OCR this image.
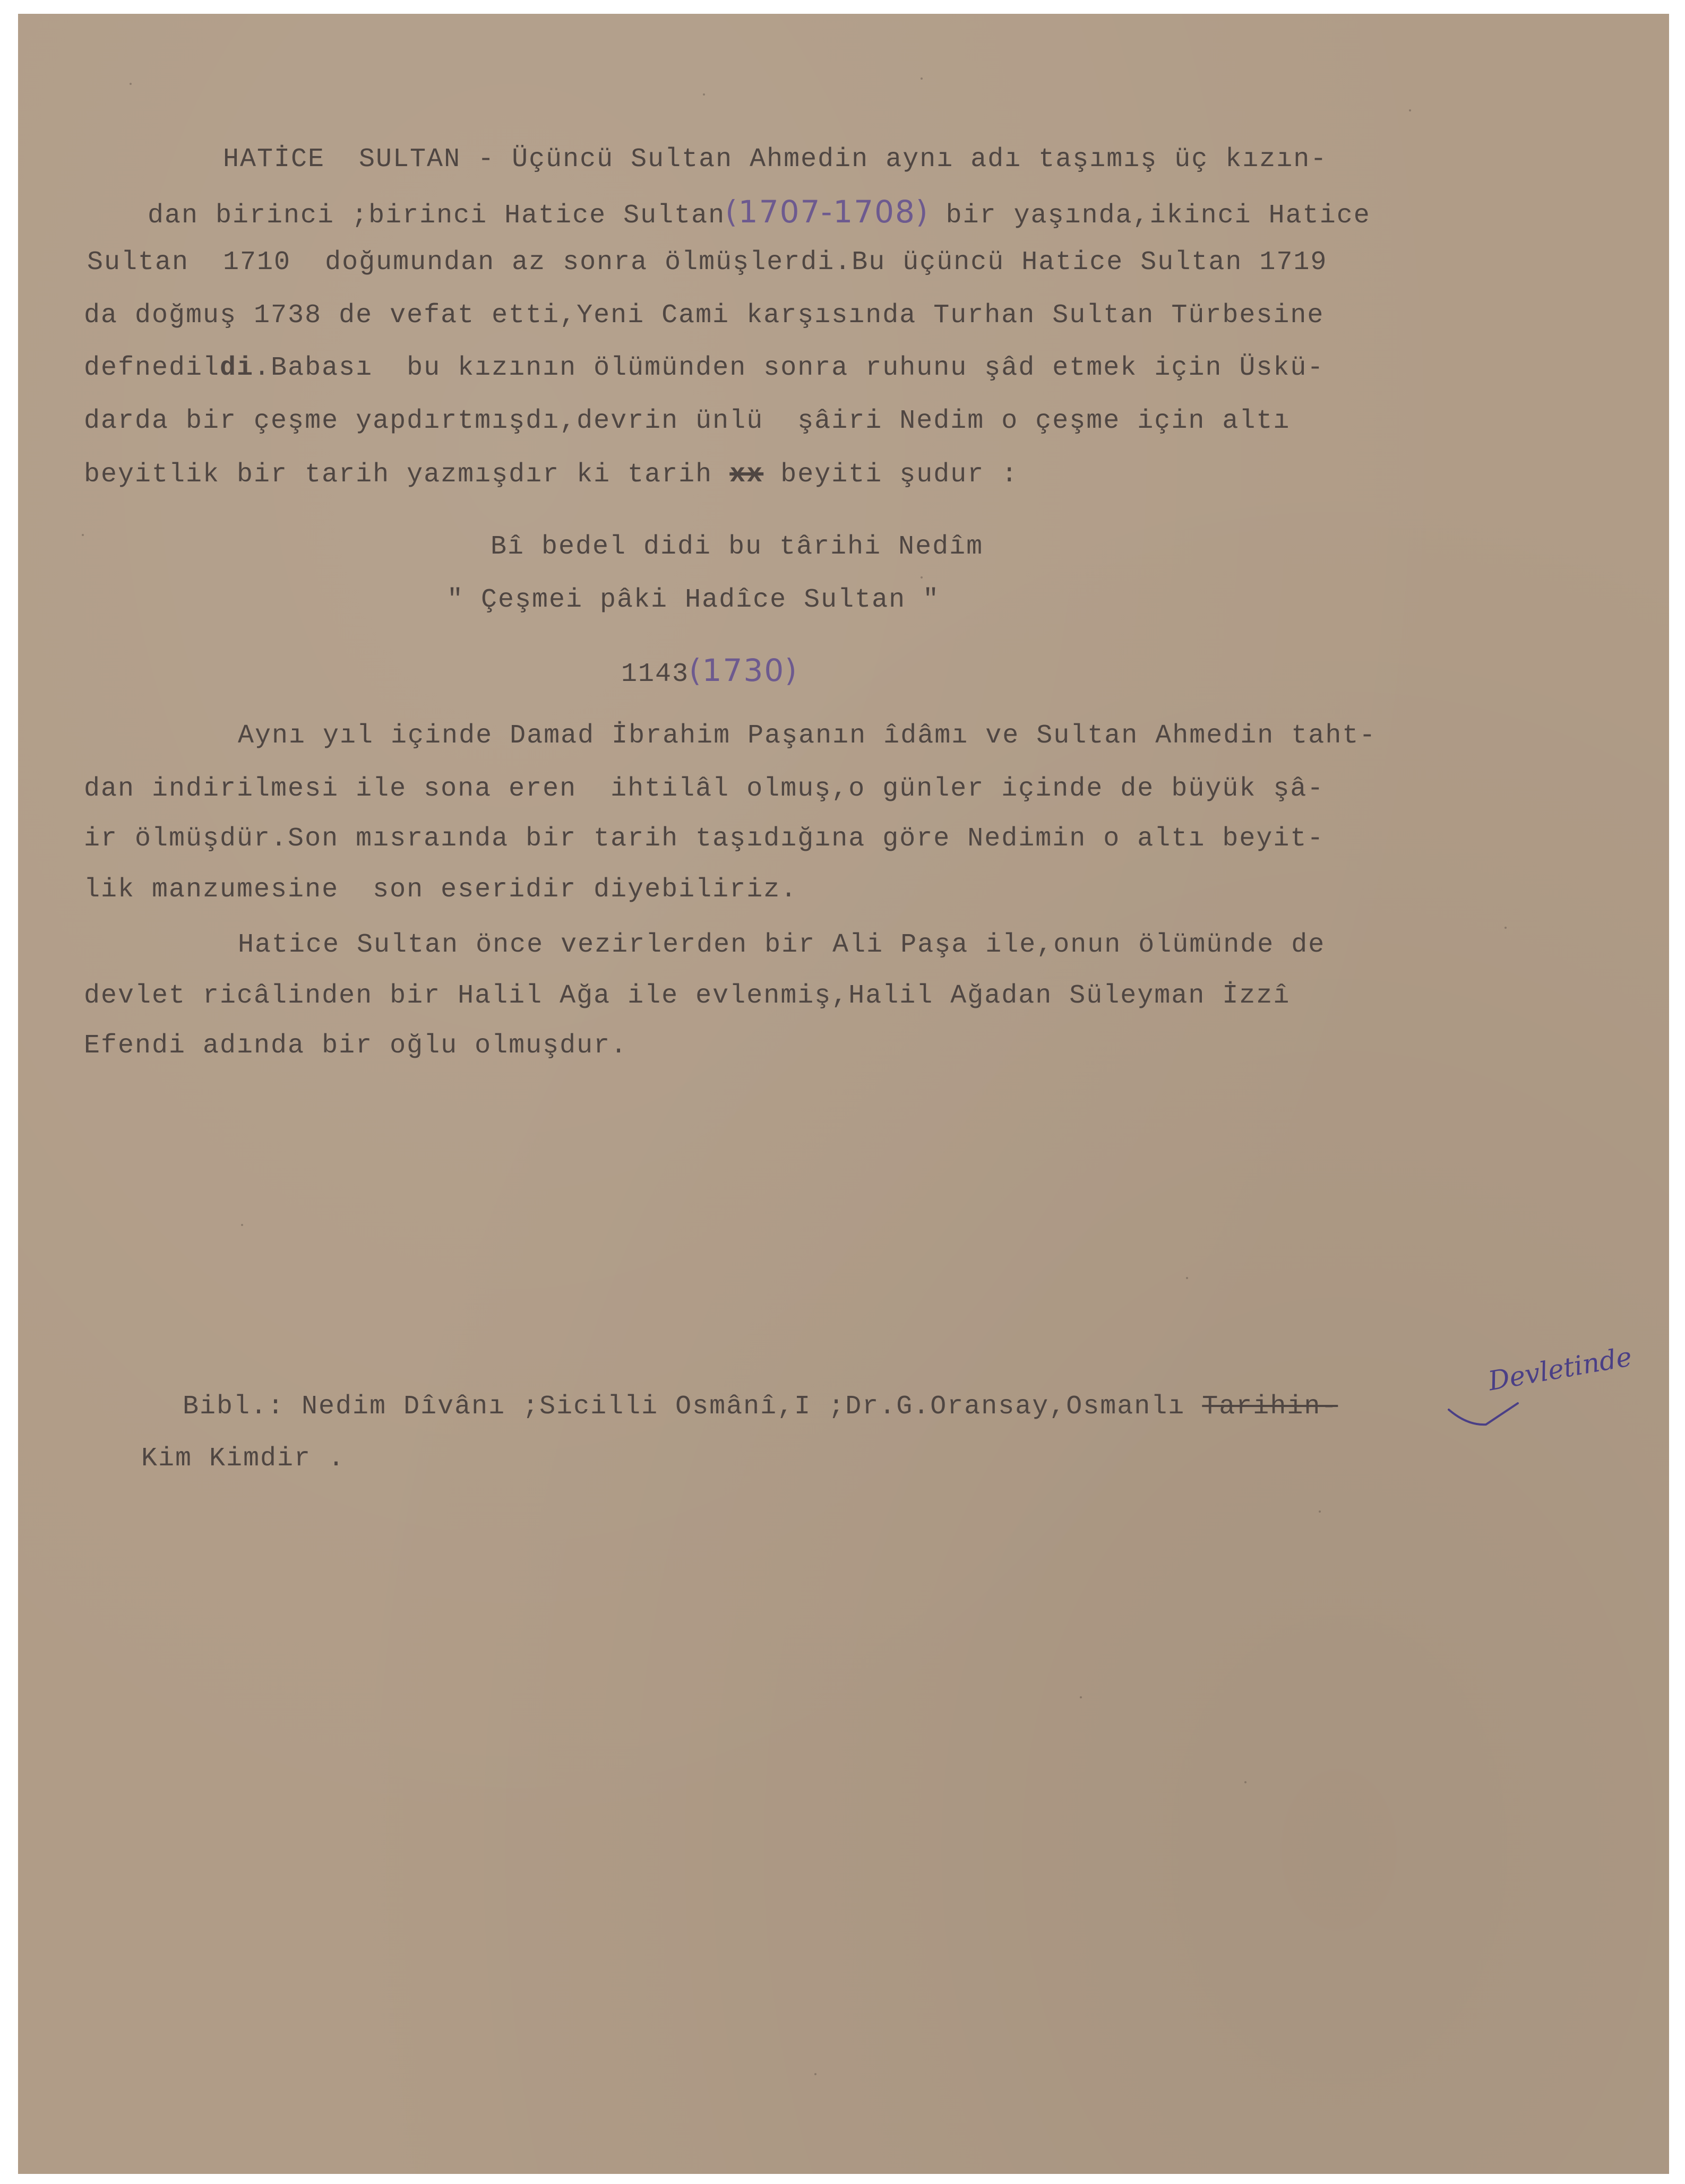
HATİCE  SULTAN - Üçüncü Sultan Ahmedin aynı adı taşımış üç kızın-
dan birinci ;birinci Hatice Sultan(1707-1708) bir yaşında,ikinci Hatice
Sultan  1710  doğumundan az sonra ölmüşlerdi.Bu üçüncü Hatice Sultan 1719
da doğmuş 1738 de vefat etti,Yeni Cami karşısında Turhan Sultan Türbesine
defnedildi.Babası  bu kızının ölümünden sonra ruhunu şâd etmek için Üskü-
darda bir çeşme yapdırtmışdı,devrin ünlü  şâiri Nedim o çeşme için altı
beyitlik bir tarih yazmışdır ki tarih xx beyiti şudur :
Bî bedel didi bu târihi Nedîm
" Çeşmei pâki Hadîce Sultan "
1143(1730)
Aynı yıl içinde Damad İbrahim Paşanın îdâmı ve Sultan Ahmedin taht-
dan indirilmesi ile sona eren  ihtilâl olmuş,o günler içinde de büyük şâ-
ir ölmüşdür.Son mısraında bir tarih taşıdığına göre Nedimin o altı beyit-
lik manzumesine  son eseridir diyebiliriz.
Hatice Sultan önce vezirlerden bir Ali Paşa ile,onun ölümünde de
devlet ricâlinden bir Halil Ağa ile evlenmiş,Halil Ağadan Süleyman İzzî
Efendi adında bir oğlu olmuşdur.
Bibl.: Nedim Dîvânı ;Sicilli Osmânî,I ;Dr.G.Oransay,Osmanlı Tarihin-
Devletinde
Kim Kimdir .
